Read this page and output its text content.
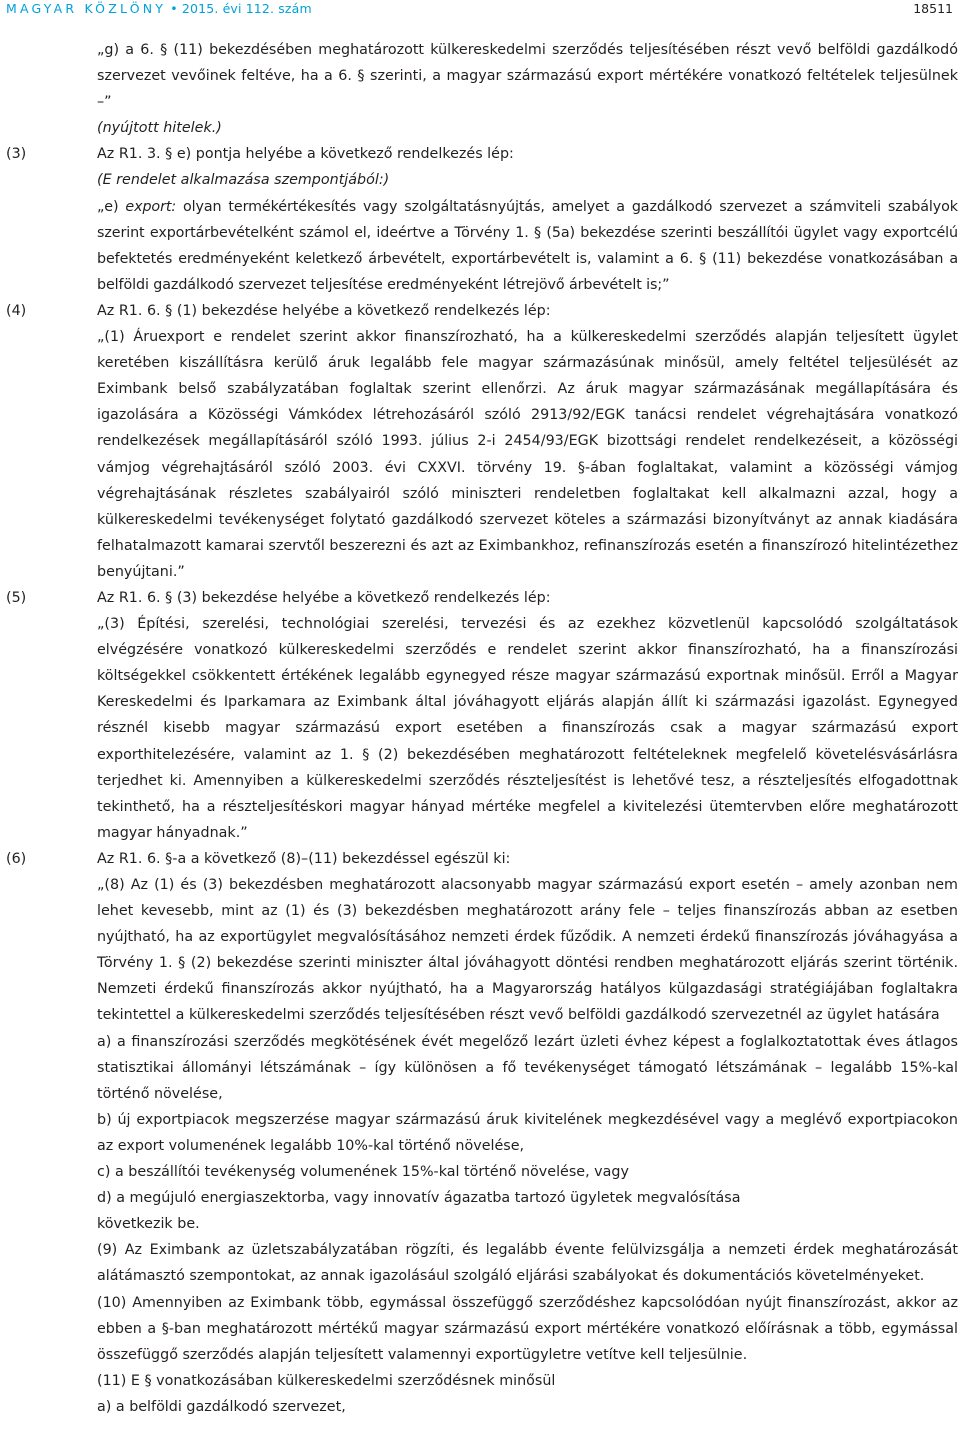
MAGYAR KÖZLÖNY • 2015. évi 112. szám	18511

„g) a 6. § (11) bekezdésében meghatározott külkereskedelmi szerződés teljesítésében részt vevő belföldi gazdálkodó szervezet vevőinek feltéve, ha a 6. § szerinti, a magyar származású export mértékére vonatkozó feltételek teljesülnek –”

(nyújtott hitelek.)

(3)	Az R1. 3. § e) pontja helyébe a következő rendelkezés lép:

(E rendelet alkalmazása szempontjából:)

„e) export: olyan termékértékesítés vagy szolgáltatásnyújtás, amelyet a gazdálkodó szervezet a számviteli szabályok szerint exportárbevételként számol el, ideértve a Törvény 1. § (5a) bekezdése szerinti beszállítói ügylet vagy exportcélú befektetés eredményeként keletkező árbevételt, exportárbevételt is, valamint a 6. § (11) bekezdése vonatkozásában a belföldi gazdálkodó szervezet teljesítése eredményeként létrejövő árbevételt is;”

(4)	Az R1. 6. § (1) bekezdése helyébe a következő rendelkezés lép:

„(1) Áruexport e rendelet szerint akkor finanszírozható, ha a külkereskedelmi szerződés alapján teljesített ügylet keretében kiszállításra kerülő áruk legalább fele magyar származásúnak minősül, amely feltétel teljesülését az Eximbank belső szabályzatában foglaltak szerint ellenőrzi. Az áruk magyar származásának megállapítására és igazolására a Közösségi Vámkódex létrehozásáról szóló 2913/92/EGK tanácsi rendelet végrehajtására vonatkozó rendelkezések megállapításáról szóló 1993. július 2-i 2454/93/EGK bizottsági rendelet rendelkezéseit, a közösségi vámjog végrehajtásáról szóló 2003. évi CXXVI. törvény 19. §-ában foglaltakat, valamint a közösségi vámjog végrehajtásának részletes szabályairól szóló miniszteri rendeletben foglaltakat kell alkalmazni azzal, hogy a külkereskedelmi tevékenységet folytató gazdálkodó szervezet köteles a származási bizonyítványt az annak kiadására felhatalmazott kamarai szervtől beszerezni és azt az Eximbankhoz, refinanszírozás esetén a finanszírozó hitelintézethez benyújtani.”

(5)	Az R1. 6. § (3) bekezdése helyébe a következő rendelkezés lép:

„(3) Építési, szerelési, technológiai szerelési, tervezési és az ezekhez közvetlenül kapcsolódó szolgáltatások elvégzésére vonatkozó külkereskedelmi szerződés e rendelet szerint akkor finanszírozható, ha a finanszírozási költségekkel csökkentett értékének legalább egynegyed része magyar származású exportnak minősül. Erről a Magyar Kereskedelmi és Iparkamara az Eximbank által jóváhagyott eljárás alapján állít ki származási igazolást. Egynegyed résznél kisebb magyar származású export esetében a finanszírozás csak a magyar származású export exporthitelezésére, valamint az 1. § (2) bekezdésében meghatározott feltételeknek megfelelő követelésvásárlásra terjedhet ki. Amennyiben a külkereskedelmi szerződés részteljesítést is lehetővé tesz, a részteljesítés elfogadottnak tekinthető, ha a részteljesítéskori magyar hányad mértéke megfelel a kivitelezési ütemtervben előre meghatározott magyar hányadnak.”

(6)	Az R1. 6. §-a a következő (8)–(11) bekezdéssel egészül ki:

„(8) Az (1) és (3) bekezdésben meghatározott alacsonyabb magyar származású export esetén – amely azonban nem lehet kevesebb, mint az (1) és (3) bekezdésben meghatározott arány fele – teljes finanszírozás abban az esetben nyújtható, ha az exportügylet megvalósításához nemzeti érdek fűződik. A nemzeti érdekű finanszírozás jóváhagyása a Törvény 1. § (2) bekezdése szerinti miniszter által jóváhagyott döntési rendben meghatározott eljárás szerint történik. Nemzeti érdekű finanszírozás akkor nyújtható, ha a Magyarország hatályos külgazdasági stratégiájában foglaltakra tekintettel a külkereskedelmi szerződés teljesítésében részt vevő belföldi gazdálkodó szervezetnél az ügylet hatására

a) a finanszírozási szerződés megkötésének évét megelőző lezárt üzleti évhez képest a foglalkoztatottak éves átlagos statisztikai állományi létszámának – így különösen a fő tevékenységet támogató létszámának – legalább 15%-kal történő növelése,

b) új exportpiacok megszerzése magyar származású áruk kivitelének megkezdésével vagy a meglévő exportpiacokon az export volumenének legalább 10%-kal történő növelése,

c) a beszállítói tevékenység volumenének 15%-kal történő növelése, vagy

d) a megújuló energiaszektorba, vagy innovatív ágazatba tartozó ügyletek megvalósítása

következik be.

(9) Az Eximbank az üzletszabályzatában rögzíti, és legalább évente felülvizsgálja a nemzeti érdek meghatározását alátámasztó szempontokat, az annak igazolásául szolgáló eljárási szabályokat és dokumentációs követelményeket.

(10) Amennyiben az Eximbank több, egymással összefüggő szerződéshez kapcsolódóan nyújt finanszírozást, akkor az ebben a §-ban meghatározott mértékű magyar származású export mértékére vonatkozó előírásnak a több, egymással összefüggő szerződés alapján teljesített valamennyi exportügyletre vetítve kell teljesülnie.

(11) E § vonatkozásában külkereskedelmi szerződésnek minősül

a) a belföldi gazdálkodó szervezet,
